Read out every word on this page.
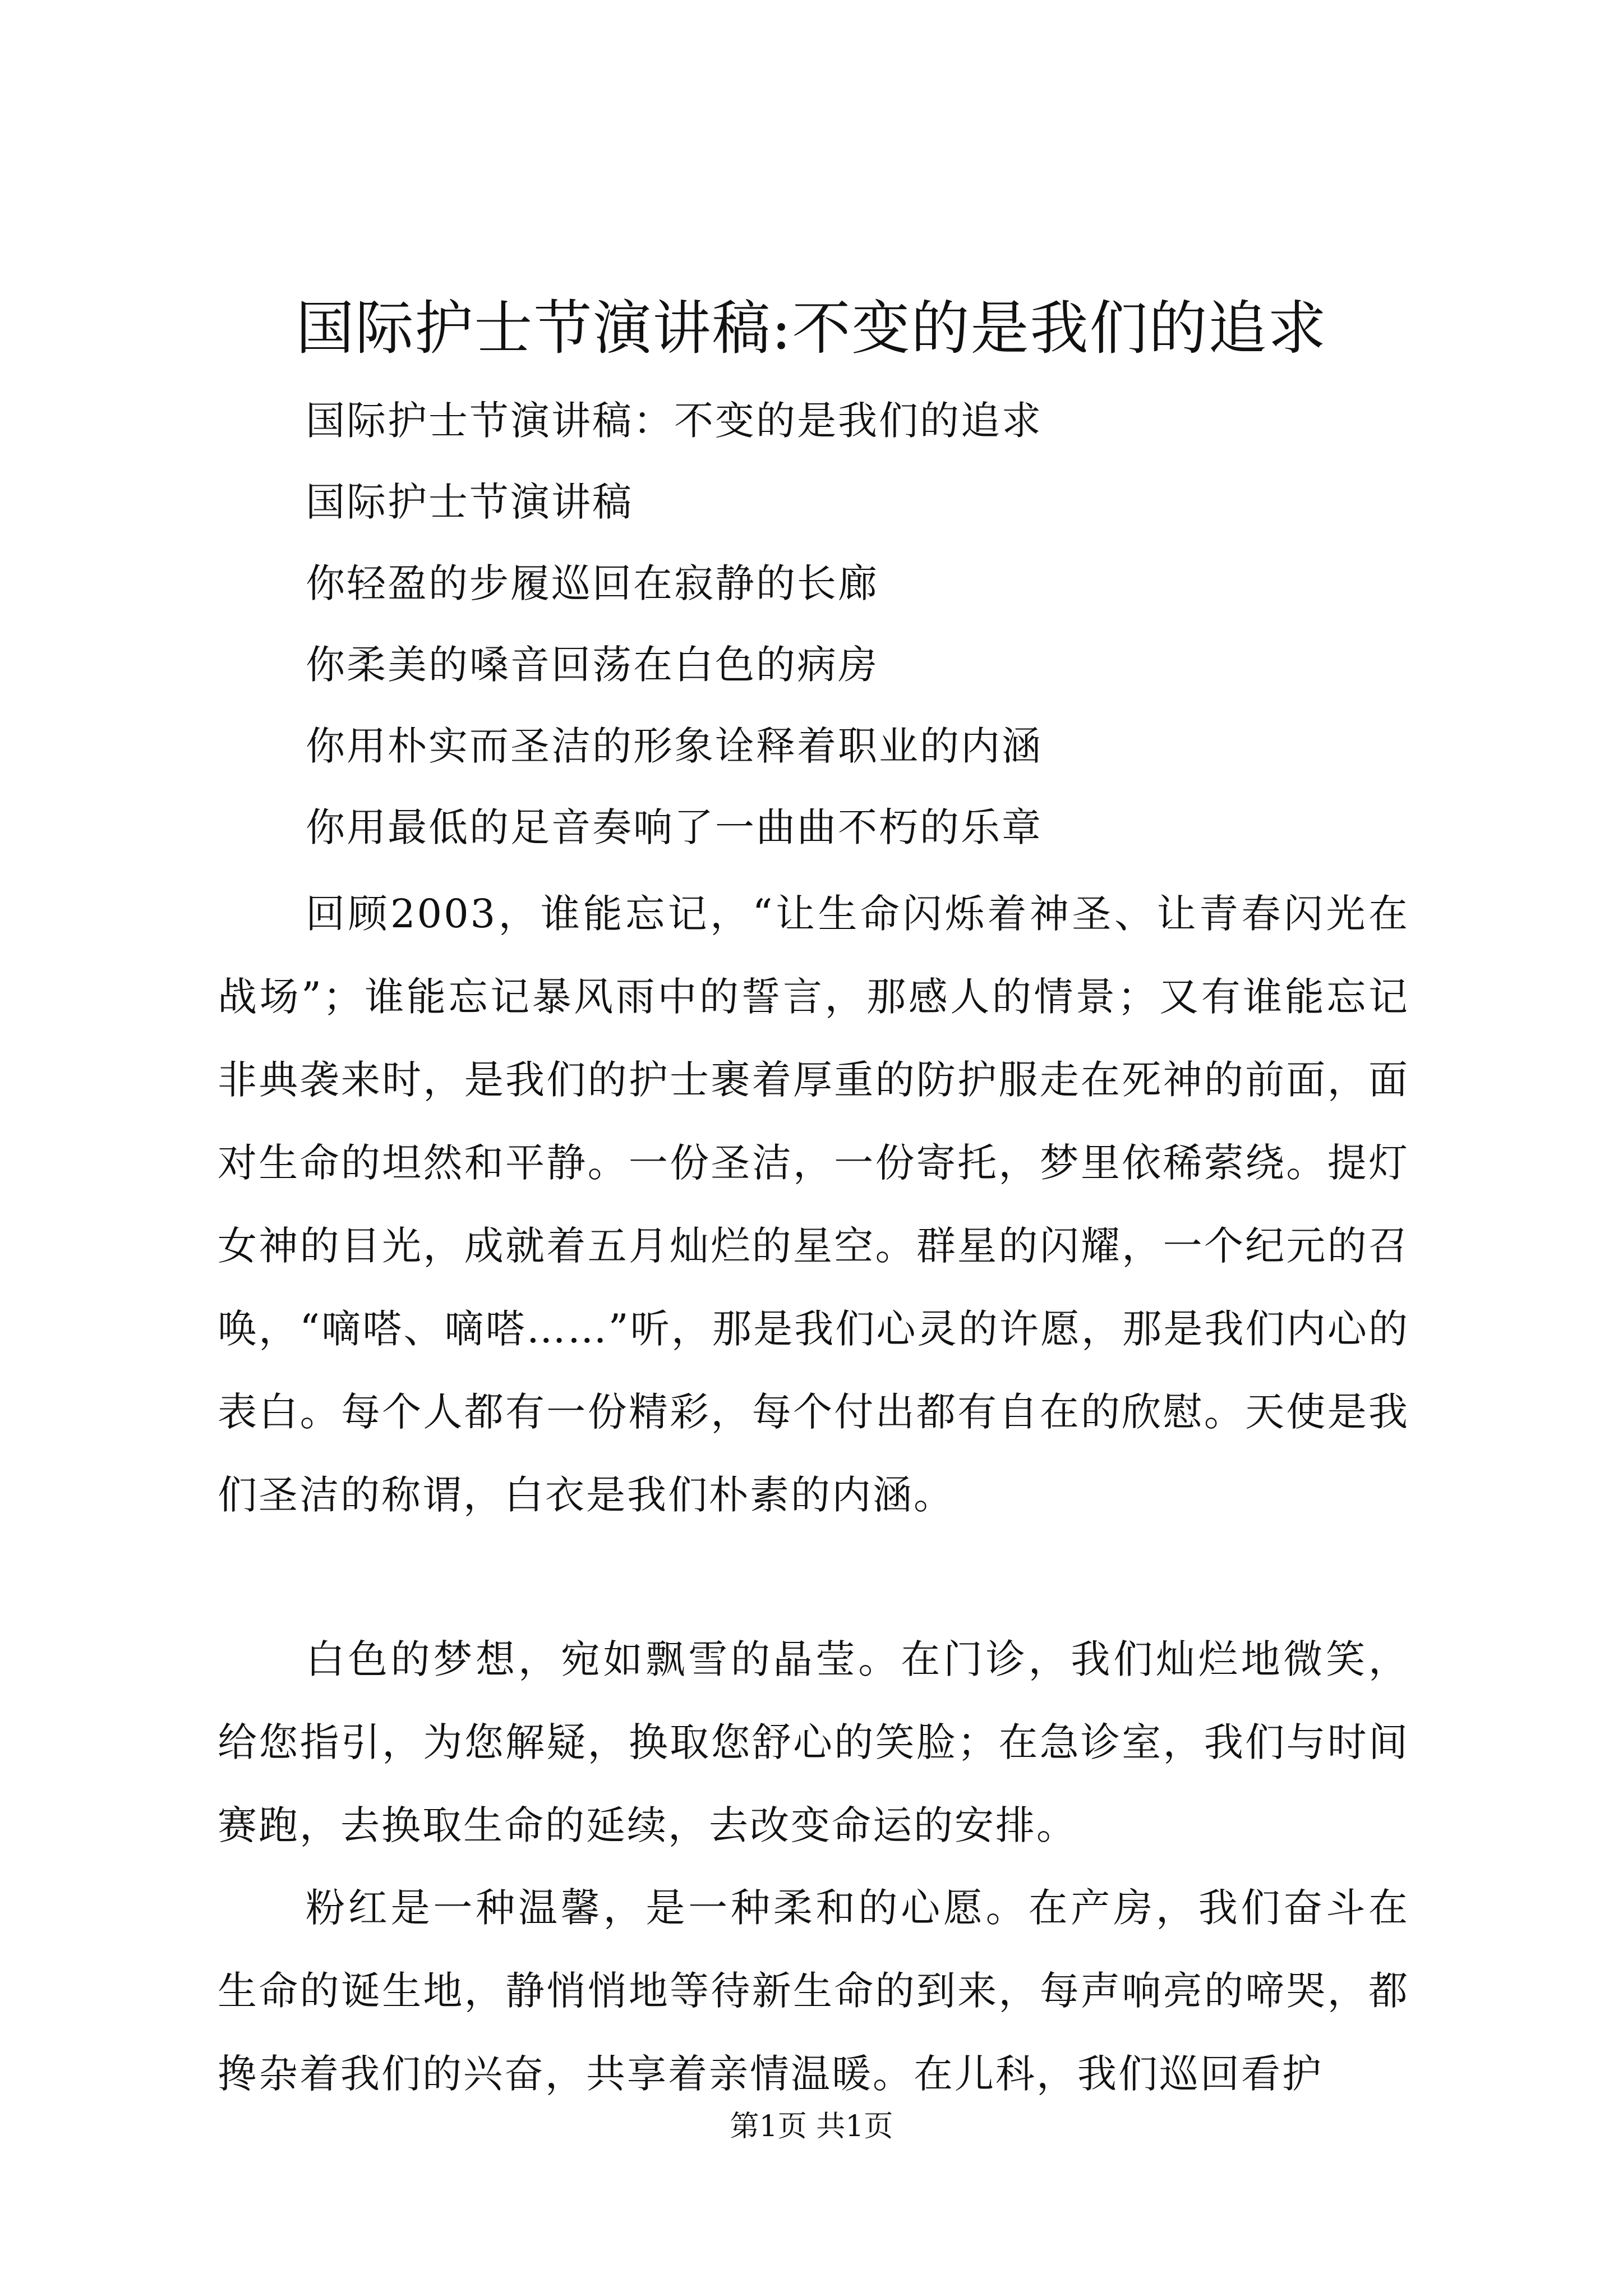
国际护士节演讲稿:不变的是我们的追求
国际护士节演讲稿：不变的是我们的追求
国际护士节演讲稿
你轻盈的步履巡回在寂静的长廊
你柔美的嗓音回荡在白色的病房
你用朴实而圣洁的形象诠释着职业的内涵
你用最低的足音奏响了一曲曲不朽的乐章
回顾2003，谁能忘记，“让生命闪烁着神圣、让青春闪光在战场”；谁能忘记暴风雨中的誓言，那感人的情景；又有谁能忘记非典袭来时，是我们的护士裹着厚重的防护服走在死神的前面，面对生命的坦然和平静。一份圣洁，一份寄托，梦里依稀萦绕。提灯女神的目光，成就着五月灿烂的星空。群星的闪耀，一个纪元的召唤，“嘀嗒、嘀嗒……”听，那是我们心灵的许愿，那是我们内心的表白。每个人都有一份精彩，每个付出都有自在的欣慰。天使是我们圣洁的称谓，白衣是我们朴素的内涵。
白色的梦想，宛如飘雪的晶莹。在门诊，我们灿烂地微笑，给您指引，为您解疑，换取您舒心的笑脸；在急诊室，我们与时间赛跑，去换取生命的延续，去改变命运的安排。
粉红是一种温馨，是一种柔和的心愿。在产房，我们奋斗在生命的诞生地，静悄悄地等待新生命的到来，每声响亮的啼哭，都搀杂着我们的兴奋，共享着亲情温暖。在儿科，我们巡回看护
第1页 共1页
